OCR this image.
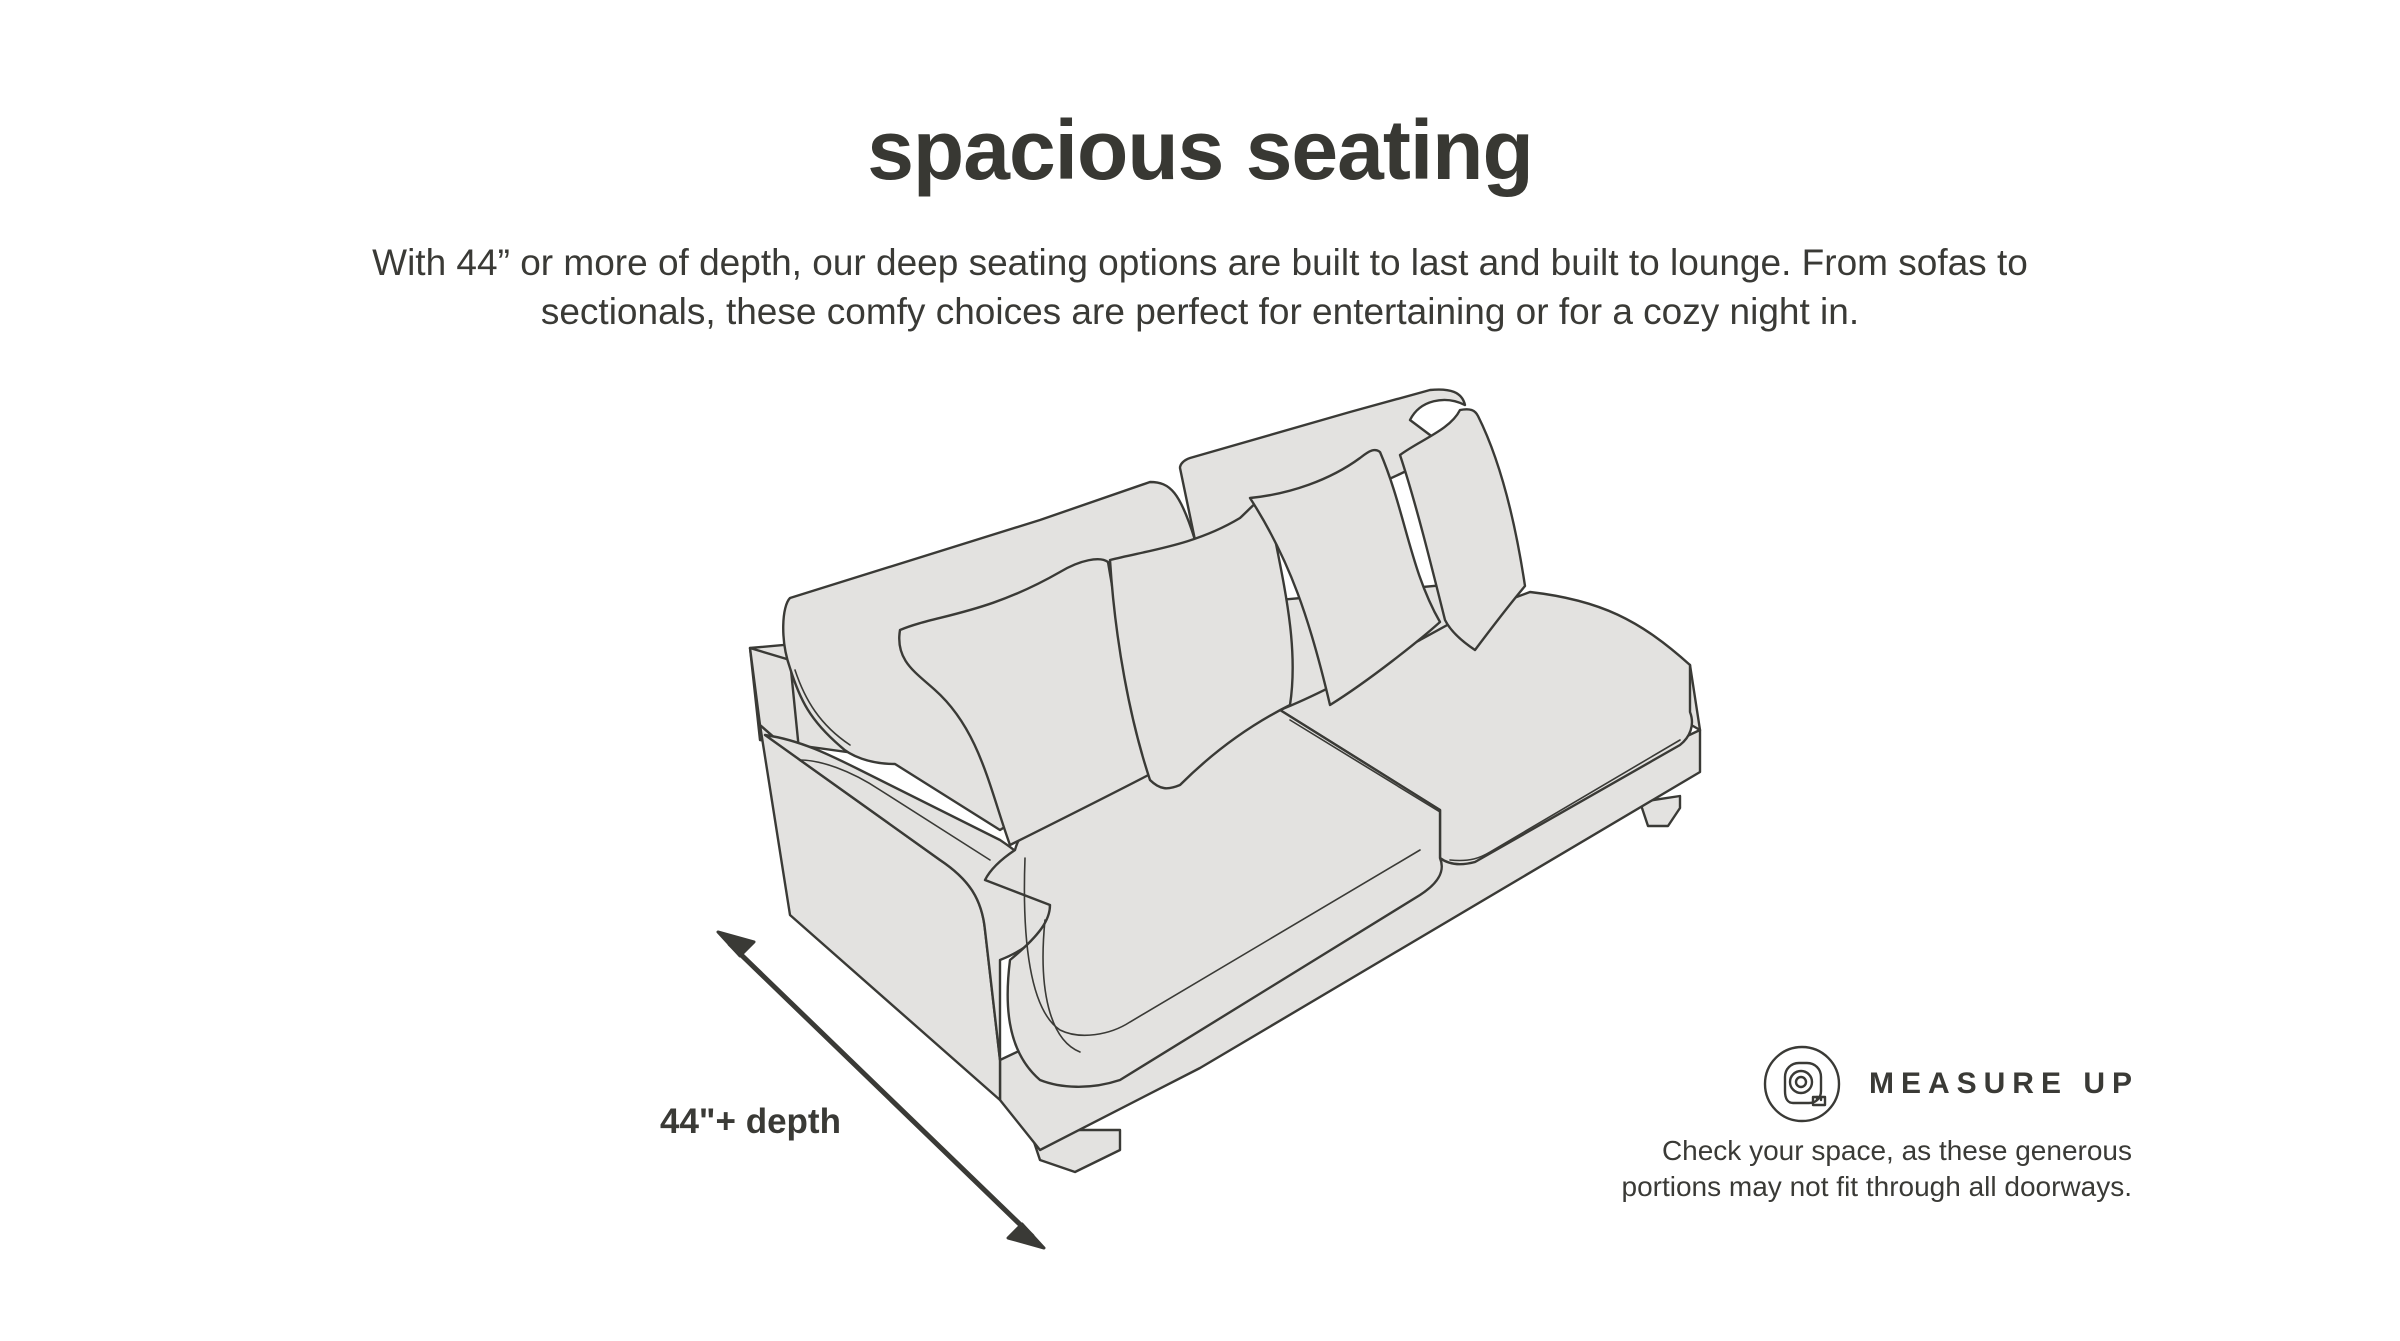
spacious seating

With 44” or more of depth, our deep seating options are built to last and built to lounge. From sofas to sectionals, these comfy choices are perfect for entertaining or for a cozy night in.

44"+ depth
MEASURE UP
Check your space, as these generous portions may not fit through all doorways.
